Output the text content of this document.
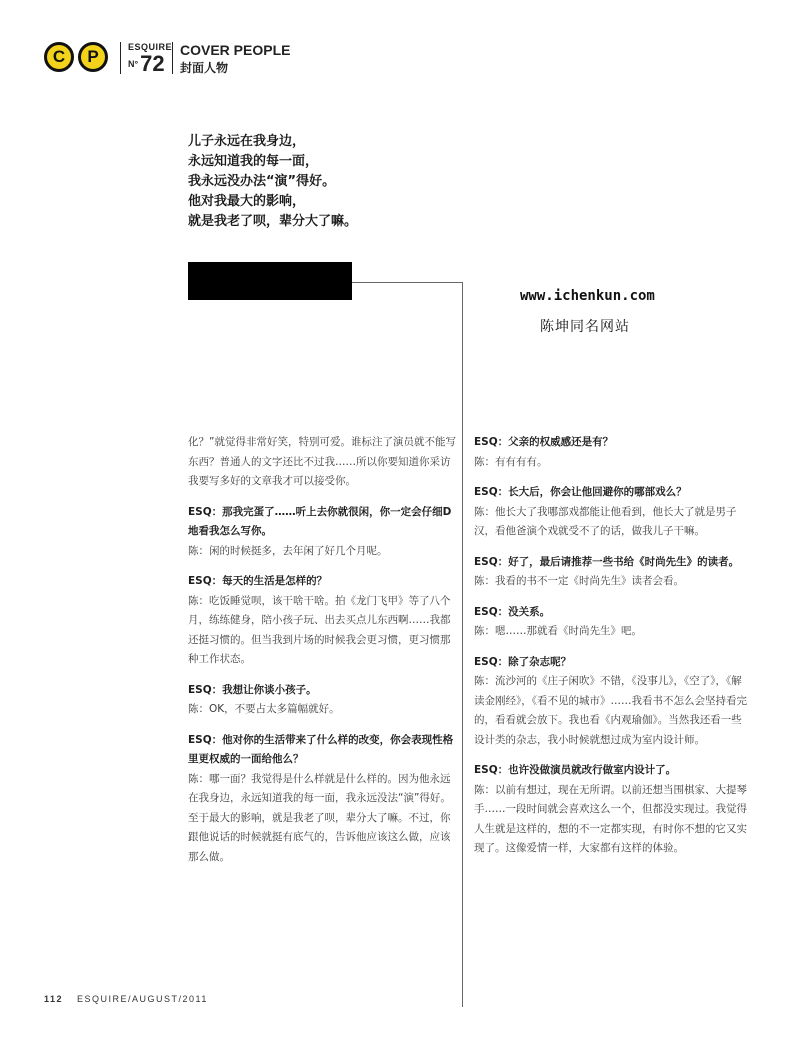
C P	ESQUIRE
$^{N^\circ}$72
COVER PEOPLE
封面人物
儿子永远在我身边，
永远知道我的每一面，
我永远没办法“演”得好。
他对我最大的影响，
就是我老了呗，辈分大了嘛。
www.ichenkun.com
陈坤同名网站
化？”就觉得非常好笑，特别可爱。谁标注了演员就不能写东西？普通人的文字还比不过我……所以你要知道你采访我要写多好的文章我才可以接受你。
ESQ：那我完蛋了……听上去你就很闲，你一定会仔细D地看我怎么写你。
陈：闲的时候挺多，去年闲了好几个月呢。
ESQ：每天的生活是怎样的？
陈：吃饭睡觉呗，该干啥干啥。拍《龙门飞甲》等了八个月，练练健身，陪小孩子玩、出去买点儿东西啊……我都还挺习惯的。但当我到片场的时候我会更习惯，更习惯那种工作状态。
ESQ：我想让你谈小孩子。
陈：OK，不要占太多篇幅就好。
ESQ：他对你的生活带来了什么样的改变，你会表现性格里更权威的一面给他么？
陈：哪一面？我觉得是什么样就是什么样的。因为他永远在我身边，永远知道我的每一面，我永远没法“演”得好。至于最大的影响，就是我老了呗，辈分大了嘛。不过，你跟他说话的时候就挺有底气的，告诉他应该这么做，应该那么做。
ESQ：父亲的权威感还是有？
陈：有有有有。
ESQ：长大后，你会让他回避你的哪部戏么？
陈：他长大了我哪部戏都能让他看到，他长大了就是男子汉，看他爸演个戏就受不了的话，做我儿子干嘛。
ESQ：好了，最后请推荐一些书给《时尚先生》的读者。
陈：我看的书不一定《时尚先生》读者会看。
ESQ：没关系。
陈：嗯……那就看《时尚先生》吧。
ESQ：除了杂志呢？
陈：流沙河的《庄子闲吹》不错，《没事儿》，《空了》，《解读金刚经》，《看不见的城市》……我看书不怎么会坚持看完的，看看就会放下。我也看《内观瑜伽》。当然我还看一些设计类的杂志，我小时候就想过成为室内设计师。
ESQ：也许没做演员就改行做室内设计了。
陈：以前有想过，现在无所谓。以前还想当围棋家、大提琴手……一段时间就会喜欢这么一个，但都没实现过。我觉得人生就是这样的，想的不一定都实现，有时你不想的它又实现了。这像爱情一样，大家都有这样的体验。
112 ESQUIRE/AUGUST/2011
